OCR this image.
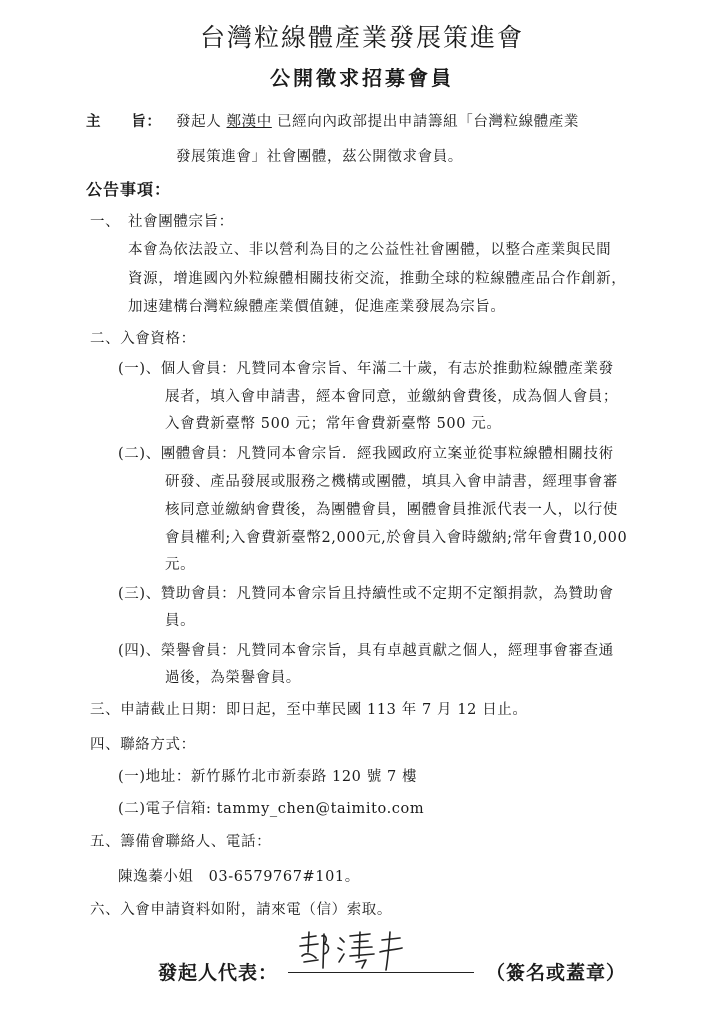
台灣粒線體產業發展策進會
公開徵求招募會員
主　　旨： 發起人 鄭漢中 已經向內政部提出申請籌組「台灣粒線體產業
發展策進會」社會團體，茲公開徵求會員。
公告事項：
一、　社會團體宗旨：
本會為依法設立、非以營利為目的之公益性社會團體，以整合產業與民間
資源，增進國內外粒線體相關技術交流，推動全球的粒線體產品合作創新，
加速建構台灣粒線體產業價值鏈，促進產業發展為宗旨。
二、入會資格：
(一)、個人會員：凡贊同本會宗旨、年滿二十歲，有志於推動粒線體產業發
展者，填入會申請書，經本會同意，並繳納會費後，成為個人會員；
入會費新臺幣 500 元；常年會費新臺幣 500 元。
(二)、團體會員：凡贊同本會宗旨．經我國政府立案並從事粒線體相關技術
研發、產品發展或服務之機構或團體，填具入會申請書，經理事會審
核同意並繳納會費後，為團體會員，團體會員推派代表一人，以行使
會員權利;入會費新臺幣2,000元,於會員入會時繳納;常年會費10,000
元。
(三)、贊助會員：凡贊同本會宗旨且持續性或不定期不定額捐款，為贊助會
員。
(四)、榮譽會員：凡贊同本會宗旨，具有卓越貢獻之個人，經理事會審查通
過後，為榮譽會員。
三、申請截止日期：即日起，至中華民國 113 年 7 月 12 日止。
四、聯絡方式：
(一)地址：新竹縣竹北市新泰路 120 號 7 樓
(二)電子信箱: tammy_chen@taimito.com
五、籌備會聯絡人、電話：
陳逸蓁小姐　03-6579767#101。
六、入會申請資料如附，請來電（信）索取。
發起人代表：	（簽名或蓋章）
